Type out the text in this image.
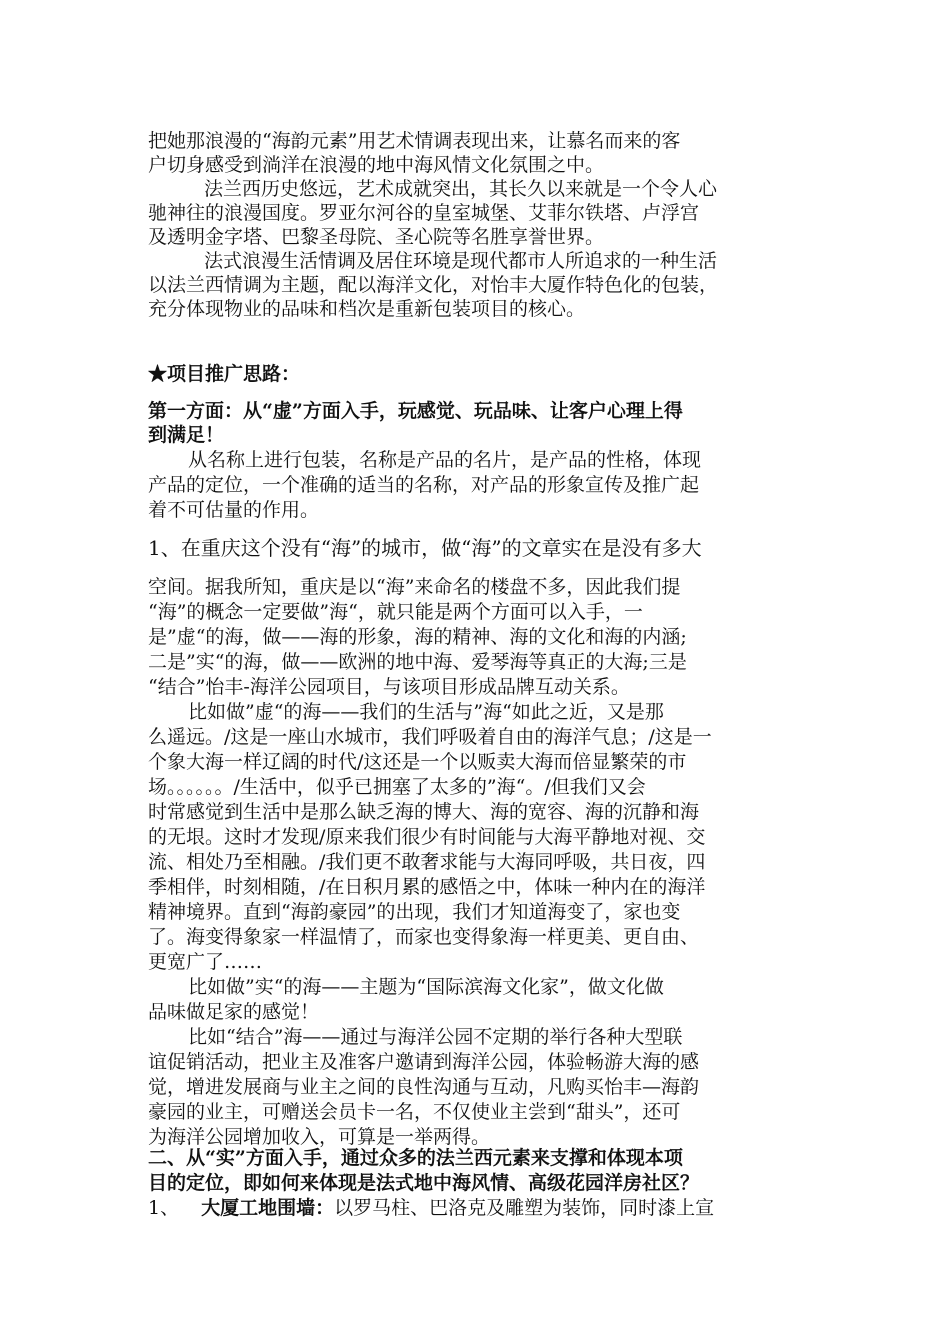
把她那浪漫的“海韵元素”用艺术情调表现出来，让慕名而来的客
户切身感受到淌洋在浪漫的地中海风情文化氛围之中。
法兰西历史悠远，艺术成就突出，其长久以来就是一个令人心
驰神往的浪漫国度。罗亚尔河谷的皇室城堡、艾菲尔铁塔、卢浮宫
及透明金字塔、巴黎圣母院、圣心院等名胜享誉世界。
法式浪漫生活情调及居住环境是现代都市人所追求的一种生活
以法兰西情调为主题，配以海洋文化，对怡丰大厦作特色化的包装，
充分体现物业的品味和档次是重新包装项目的核心。
★项目推广思路：
第一方面：从“虚”方面入手，玩感觉、玩品味、让客户心理上得
到满足！
从名称上进行包装，名称是产品的名片，是产品的性格，体现
产品的定位，一个准确的适当的名称，对产品的形象宣传及推广起
着不可估量的作用。
1、在重庆这个没有“海”的城市，做“海”的文章实在是没有多大
空间。据我所知，重庆是以“海”来命名的楼盘不多，因此我们提
“海”的概念一定要做”海“，就只能是两个方面可以入手，一
是”虚“的海，做——海的形象，海的精神、海的文化和海的内涵;
二是”实“的海，做——欧洲的地中海、爱琴海等真正的大海;三是
“结合”怡丰-海洋公园项目，与该项目形成品牌互动关系。
比如做”虚“的海——我们的生活与”海“如此之近，又是那
么遥远。/这是一座山水城市，我们呼吸着自由的海洋气息；/这是一
个象大海一样辽阔的时代/这还是一个以贩卖大海而倍显繁荣的市
场。。。。。。/生活中，似乎已拥塞了太多的”海“。/但我们又会
时常感觉到生活中是那么缺乏海的博大、海的宽容、海的沉静和海
的无垠。这时才发现/原来我们很少有时间能与大海平静地对视、交
流、相处乃至相融。/我们更不敢奢求能与大海同呼吸，共日夜，四
季相伴，时刻相随，/在日积月累的感悟之中，体味一种内在的海洋
精神境界。直到“海韵豪园”的出现，我们才知道海变了，家也变
了。海变得象家一样温情了，而家也变得象海一样更美、更自由、
更宽广了……
比如做”实“的海——主题为“国际滨海文化家”，做文化做
品味做足家的感觉！
比如“结合”海——通过与海洋公园不定期的举行各种大型联
谊促销活动，把业主及准客户邀请到海洋公园，体验畅游大海的感
觉，增进发展商与业主之间的良性沟通与互动，凡购买怡丰—海韵
豪园的业主，可赠送会员卡一名，不仅使业主尝到“甜头”，还可
为海洋公园增加收入，可算是一举两得。
二、从“实”方面入手，通过众多的法兰西元素来支撑和体现本项
目的定位，即如何来体现是法式地中海风情、高级花园洋房社区？
1、 大厦工地围墙：以罗马柱、巴洛克及雕塑为装饰，同时漆上宣
